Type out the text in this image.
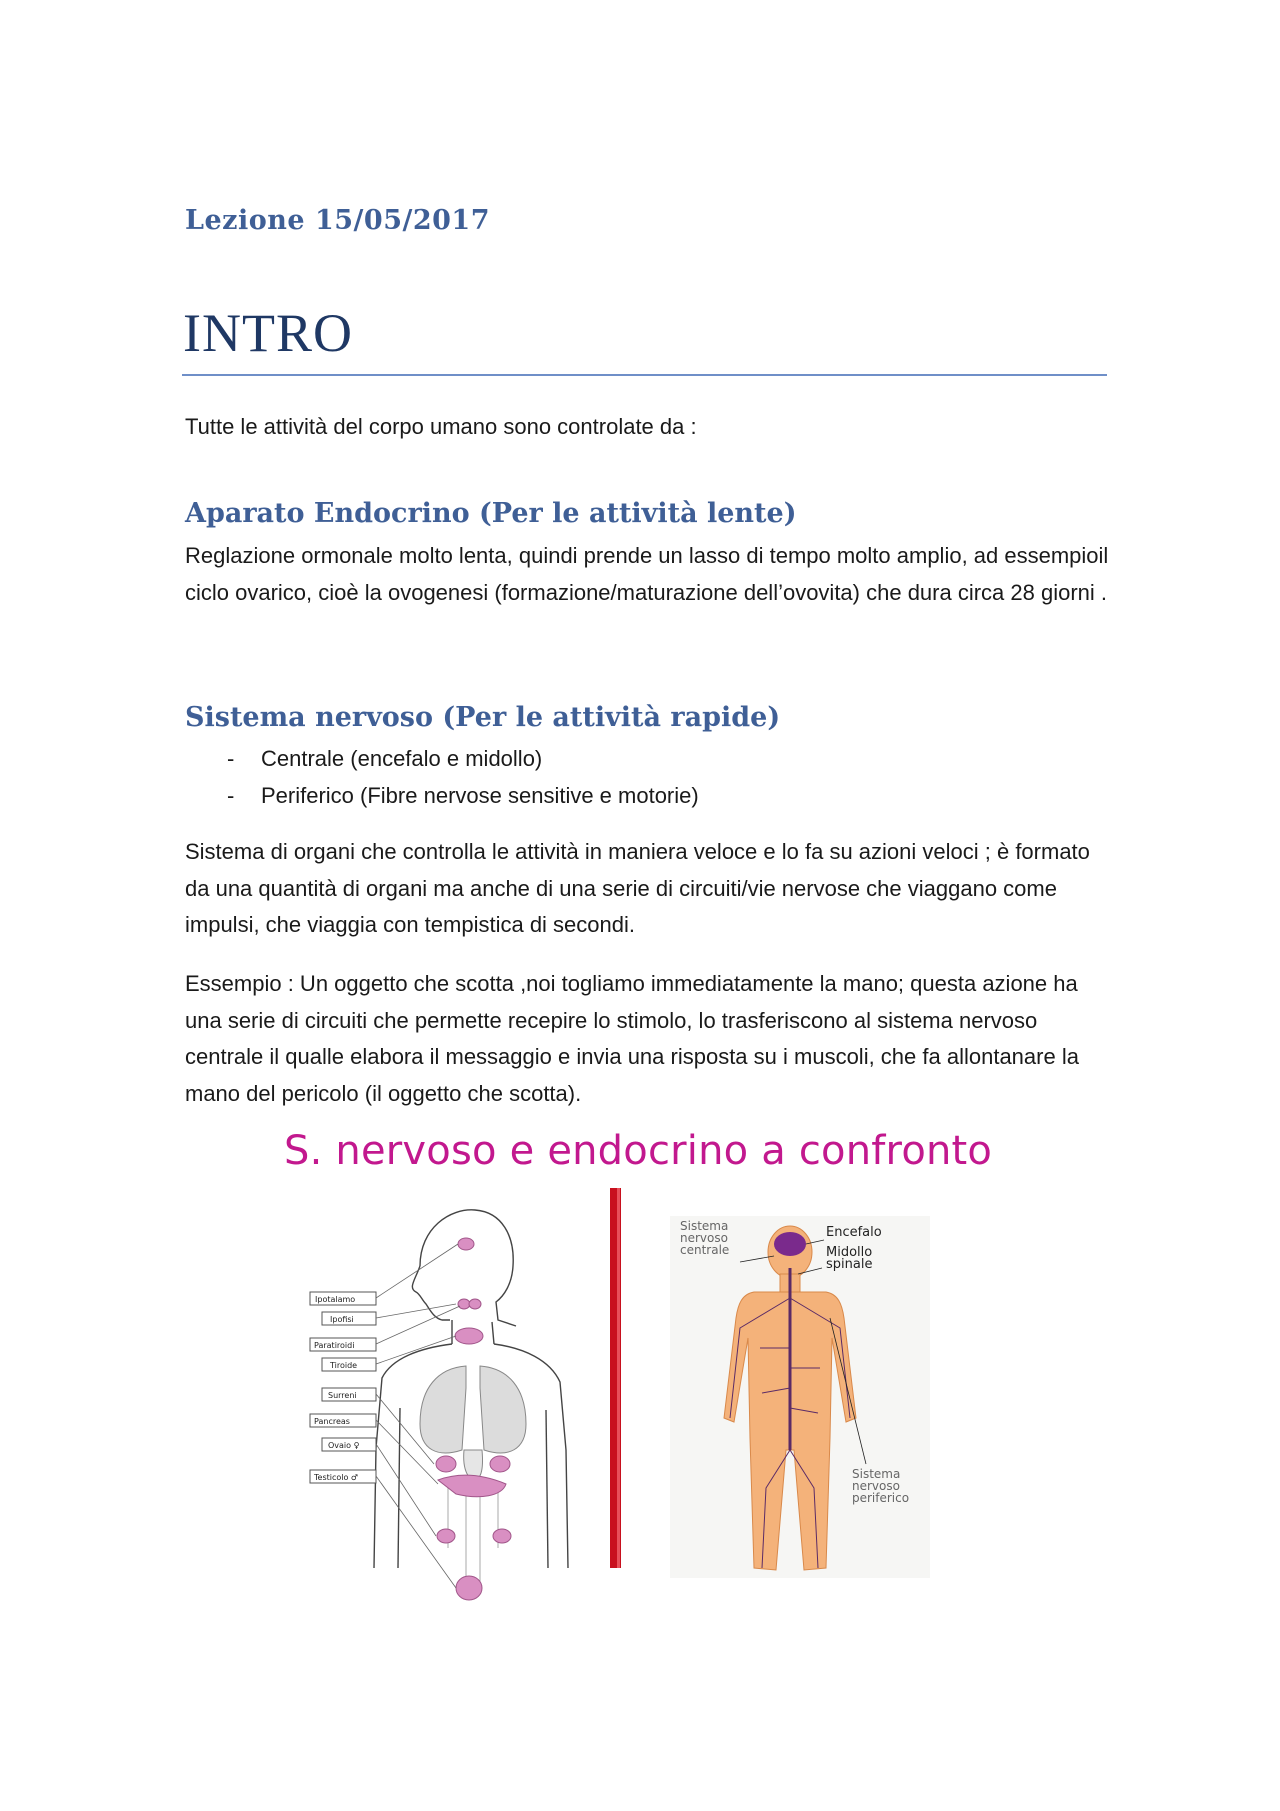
Lezione 15/05/2017
INTRO

Tutte le attività del corpo umano sono controlate da :

Aparato Endocrino (Per le attività lente)

Reglazione ormonale molto lenta, quindi prende un lasso di tempo molto amplio, ad essempioil ciclo ovarico, cioè la ovogenesi (formazione/maturazione dell’ovovita) che dura circa 28 giorni .

Sistema nervoso (Per le attività rapide)
- Centrale (encefalo e midollo)
- Periferico (Fibre nervose sensitive e motorie)

Sistema di organi che controlla le attività in maniera veloce e lo fa su azioni veloci ; è formato da una quantità di organi ma anche di una serie di circuiti/vie nervose che viaggano come impulsi, che viaggia con tempistica di secondi.

Essempio : Un oggetto che scotta ,noi togliamo immediatamente la mano; questa azione ha una serie di circuiti che permette recepire lo stimolo, lo trasferiscono al sistema nervoso centrale il qualle elabora il messaggio e invia una risposta su i muscoli, che fa allontanare la mano del pericolo (il oggetto che scotta).

S. nervoso e endocrino a confronto
Ipotalamo
Ipofisi
Paratiroidi
Tiroide
Surreni
Pancreas
Ovaio ♀
Testicolo ♂
Sistema
nervoso
centrale
Encefalo
Midollo
spinale
Sistema
nervoso
periferico
